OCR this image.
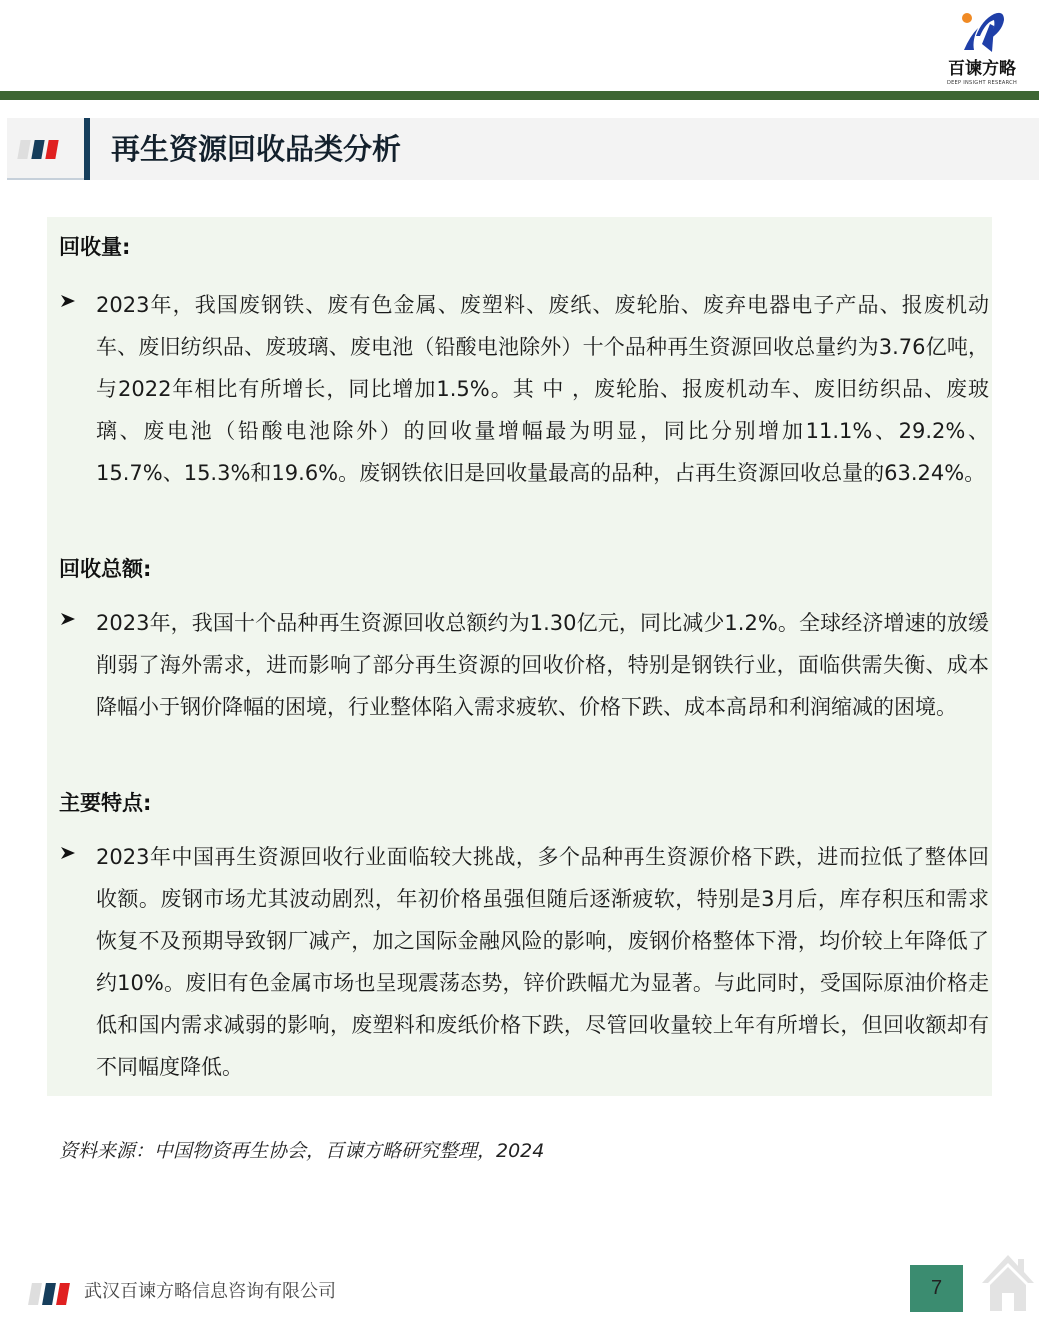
百谏方略
DEEP INSIGHT RESEARCH
再生资源回收品类分析
回收量:
2023年，我国废钢铁、废有色金属、废塑料、废纸、废轮胎、废弃电器电子产品、报废机动车、废旧纺织品、废玻璃、废电池（铅酸电池除外）十个品种再生资源回收总量约为3.76亿吨，与2022年相比有所增长，同比增加1.5%。其 中 ，废轮胎、报废机动车、废旧纺织品、废玻璃、废电池（铅酸电池除外）的回收量增幅最为明显，同比分别增加11.1%、29.2%、15.7%、15.3%和19.6%。废钢铁依旧是回收量最高的品种，占再生资源回收总量的63.24%。
回收总额:
2023年，我国十个品种再生资源回收总额约为1.30亿元，同比减少1.2%。全球经济增速的放缓削弱了海外需求，进而影响了部分再生资源的回收价格，特别是钢铁行业，面临供需失衡、成本降幅小于钢价降幅的困境，行业整体陷入需求疲软、价格下跌、成本高昂和利润缩减的困境。
主要特点:
2023年中国再生资源回收行业面临较大挑战，多个品种再生资源价格下跌，进而拉低了整体回收额。废钢市场尤其波动剧烈，年初价格虽强但随后逐渐疲软，特别是3月后，库存积压和需求恢复不及预期导致钢厂减产，加之国际金融风险的影响，废钢价格整体下滑，均价较上年降低了约10%。废旧有色金属市场也呈现震荡态势，锌价跌幅尤为显著。与此同时，受国际原油价格走低和国内需求减弱的影响，废塑料和废纸价格下跌，尽管回收量较上年有所增长，但回收额却有不同幅度降低。
资料来源：中国物资再生协会，百谏方略研究整理，2024
武汉百谏方略信息咨询有限公司	7
